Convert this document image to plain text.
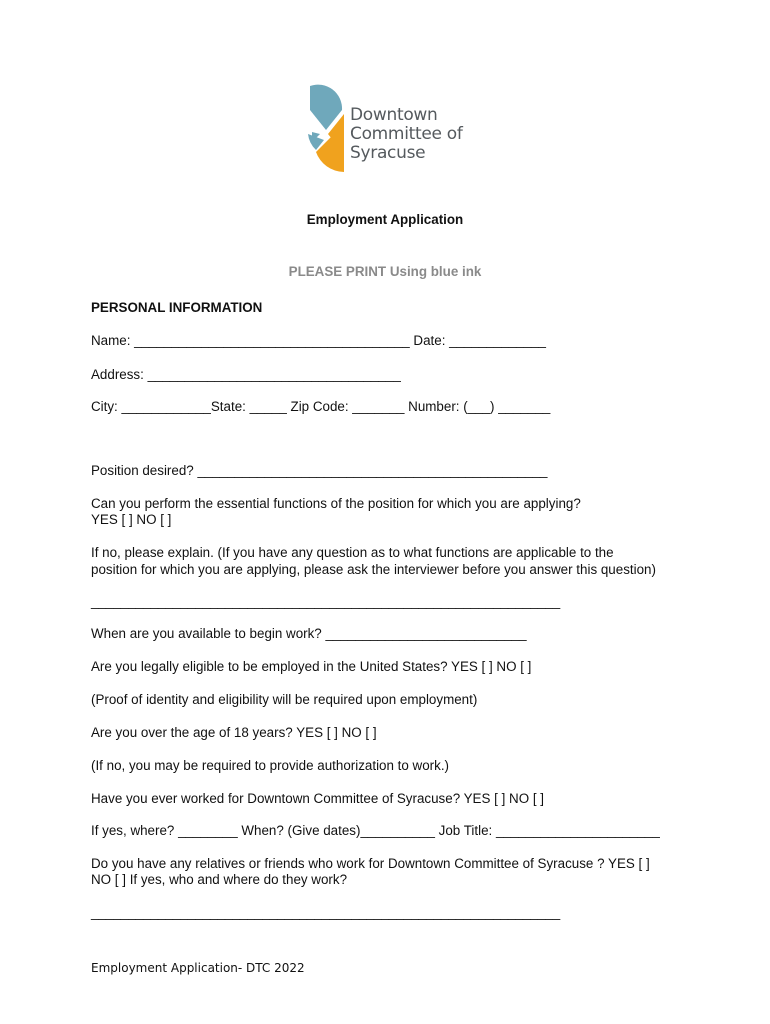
Downtown
Committee of
Syracuse
Employment Application
PLEASE PRINT Using blue ink
PERSONAL INFORMATION
Name: _____________________________________ Date: _____________
Address: __________________________________
City: ____________State: _____ Zip Code: _______ Number: (___) _______
Position desired? _______________________________________________
Can you perform the essential functions of the position for which you are applying?
YES [ ] NO [ ]
If no, please explain. (If you have any question as to what functions are applicable to the
position for which you are applying, please ask the interviewer before you answer this question)
_______________________________________________________________
When are you available to begin work? ___________________________
Are you legally eligible to be employed in the United States? YES [ ] NO [ ]
(Proof of identity and eligibility will be required upon employment)
Are you over the age of 18 years? YES [ ] NO [ ]
(If no, you may be required to provide authorization to work.)
Have you ever worked for Downtown Committee of Syracuse? YES [ ] NO [ ]
If yes, where? ________ When? (Give dates)__________ Job Title: ______________________
Do you have any relatives or friends who work for Downtown Committee of Syracuse ? YES [ ]
NO [ ] If yes, who and where do they work?
_______________________________________________________________
Employment Application- DTC 2022
